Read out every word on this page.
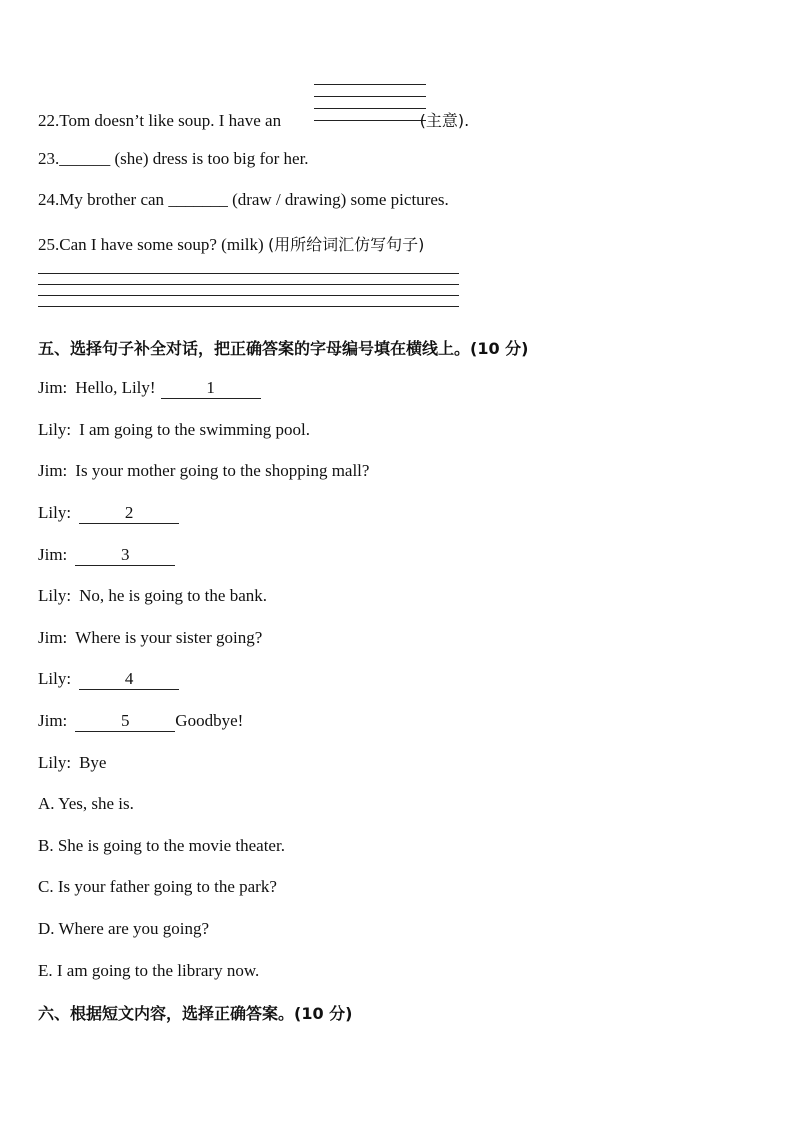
22.Tom doesn’t like soup. I have an	(主意).
23.______ (she) dress is too big for her.
24.My brother can _______ (draw / drawing) some pictures.
25.Can I have some soup? (milk) (用所给词汇仿写句子)
五、选择句子补全对话，把正确答案的字母编号填在横线上。(10 分)
Jim: Hello, Lily!	1
Lily: I am going to the swimming pool.
Jim: Is your mother going to the shopping mall?
Lily:	2
Jim:	3
Lily: No, he is going to the bank.
Jim: Where is your sister going?
Lily:	4
Jim:	5	Goodbye!
Lily: Bye
A. Yes, she is.
B. She is going to the movie theater.
C. Is your father going to the park?
D. Where are you going?
E. I am going to the library now.
六、根据短文内容，选择正确答案。(10 分)
